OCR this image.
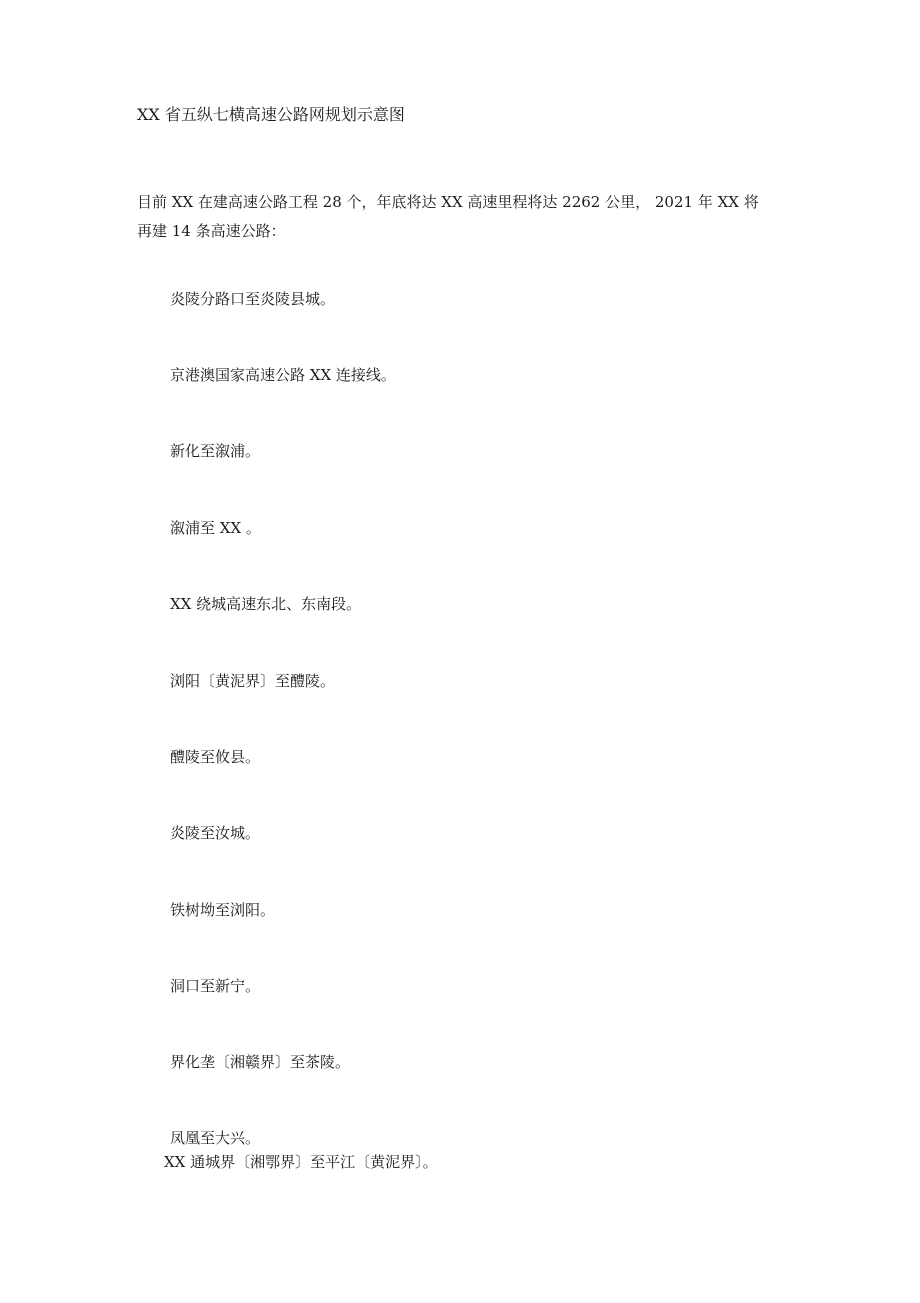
XX 省五纵七横高速公路网规划示意图
目前 XX 在建高速公路工程 28 个，年底将达 XX 高速里程将达 2262 公里， 2021 年 XX 将
再建 14 条高速公路：
炎陵分路口至炎陵县城。
京港澳国家高速公路 XX 连接线。
新化至溆浦。
溆浦至 XX 。
XX 绕城高速东北、东南段。
浏阳〔黄泥界〕至醴陵。
醴陵至攸县。
炎陵至汝城。
铁树坳至浏阳。
洞口至新宁。
界化垄〔湘赣界〕至茶陵。
凤凰至大兴。
XX 通城界〔湘鄂界〕至平江〔黄泥界〕。
